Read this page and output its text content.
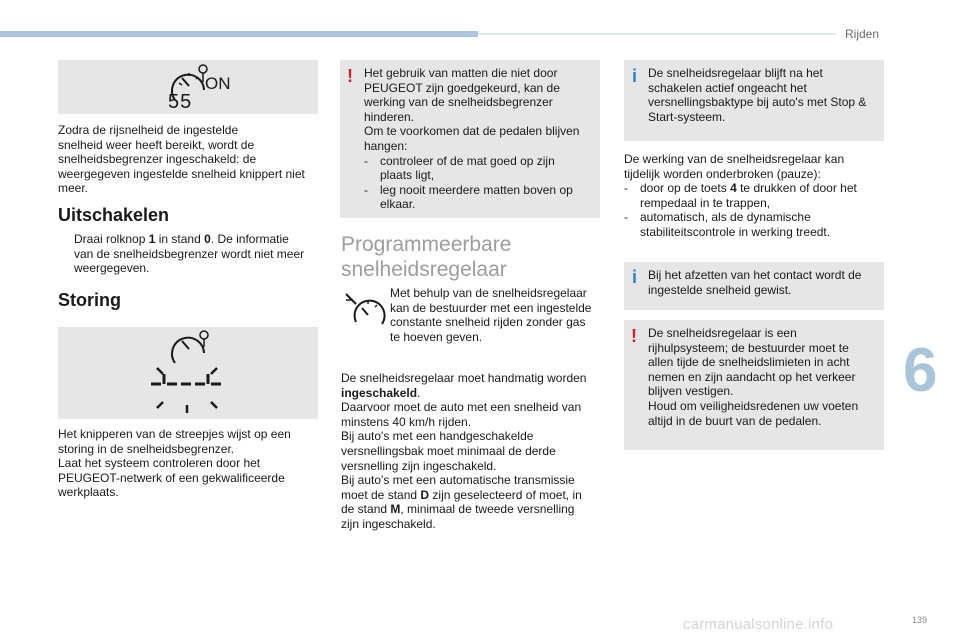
Rijden
6
ON
55
Zodra de rijsnelheid de ingestelde
snelheid weer heeft bereikt, wordt de
snelheidsbegrenzer ingeschakeld: de
weergegeven ingestelde snelheid knippert niet
meer.
Uitschakelen
Draai rolknop 1 in stand 0. De informatie
van de snelheidsbegrenzer wordt niet meer
weergegeven.
Storing
Het knipperen van de streepjes wijst op een
storing in de snelheidsbegrenzer.
Laat het systeem controleren door het
PEUGEOT-netwerk of een gekwalificeerde
werkplaats.
! Het gebruik van matten die niet door
PEUGEOT zijn goedgekeurd, kan de
werking van de snelheidsbegrenzer
hinderen.
Om te voorkomen dat de pedalen blijven
hangen:
-	controleer of de mat goed op zijn
plaats ligt,
-	leg nooit meerdere matten boven op
elkaar.
Programmeerbare
snelheidsregelaar
Met behulp van de snelheidsregelaar
kan de bestuurder met een ingestelde
constante snelheid rijden zonder gas
te hoeven geven.
De snelheidsregelaar moet handmatig worden
ingeschakeld.
Daarvoor moet de auto met een snelheid van
minstens 40 km/h rijden.
Bij auto's met een handgeschakelde
versnellingsbak moet minimaal de derde
versnelling zijn ingeschakeld.
Bij auto's met een automatische transmissie
moet de stand D zijn geselecteerd of moet, in
de stand M, minimaal de tweede versnelling
zijn ingeschakeld.
i De snelheidsregelaar blijft na het
schakelen actief ongeacht het
versnellingsbaktype bij auto's met Stop &
Start-systeem.
De werking van de snelheidsregelaar kan
tijdelijk worden onderbroken (pauze):
-	door op de toets 4 te drukken of door het
rempedaal in te trappen,
-	automatisch, als de dynamische
stabiliteitscontrole in werking treedt.
i Bij het afzetten van het contact wordt de
ingestelde snelheid gewist.
! De snelheidsregelaar is een
rijhulpsysteem; de bestuurder moet te
allen tijde de snelheidslimieten in acht
nemen en zijn aandacht op het verkeer
blijven vestigen.
Houd om veiligheidsredenen uw voeten
altijd in de buurt van de pedalen.
139
carmanualsonline.info
